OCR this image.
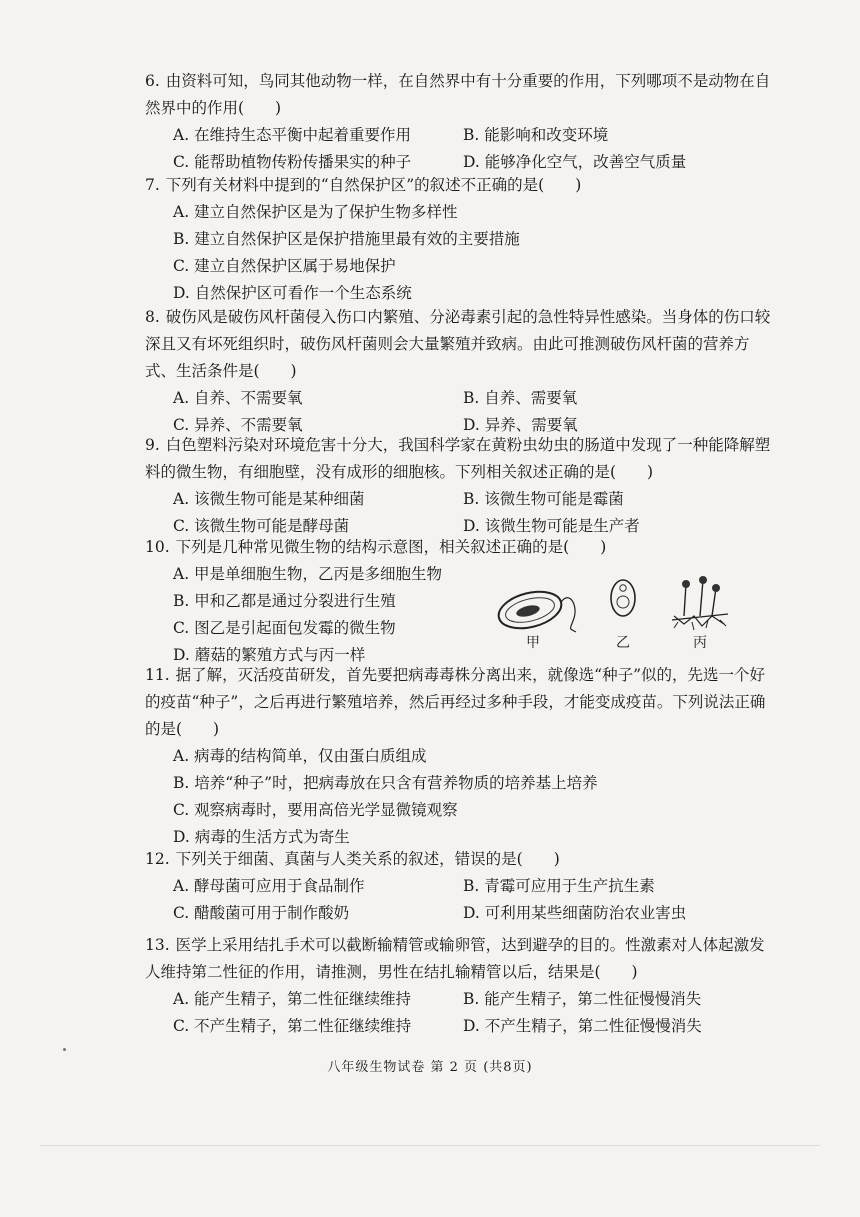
6. 由资料可知，鸟同其他动物一样，在自然界中有十分重要的作用，下列哪项不是动物在自然界中的作用(　　)
A. 在维持生态平衡中起着重要作用	B. 能影响和改变环境
C. 能帮助植物传粉传播果实的种子	D. 能够净化空气，改善空气质量
7. 下列有关材料中提到的“自然保护区”的叙述不正确的是(　　)
A. 建立自然保护区是为了保护生物多样性
B. 建立自然保护区是保护措施里最有效的主要措施
C. 建立自然保护区属于易地保护
D. 自然保护区可看作一个生态系统
8. 破伤风是破伤风杆菌侵入伤口内繁殖、分泌毒素引起的急性特异性感染。当身体的伤口较深且又有坏死组织时，破伤风杆菌则会大量繁殖并致病。由此可推测破伤风杆菌的营养方式、生活条件是(　　)
A. 自养、不需要氧	B. 自养、需要氧
C. 异养、不需要氧	D. 异养、需要氧
9. 白色塑料污染对环境危害十分大，我国科学家在黄粉虫幼虫的肠道中发现了一种能降解塑料的微生物，有细胞壁，没有成形的细胞核。下列相关叙述正确的是(　　)
A. 该微生物可能是某种细菌	B. 该微生物可能是霉菌
C. 该微生物可能是酵母菌	D. 该微生物可能是生产者
10. 下列是几种常见微生物的结构示意图，相关叙述正确的是(　　)
A. 甲是单细胞生物，乙丙是多细胞生物
B. 甲和乙都是通过分裂进行生殖
C. 图乙是引起面包发霉的微生物
D. 蘑菇的繁殖方式与丙一样
甲	乙	丙
11. 据了解，灭活疫苗研发，首先要把病毒毒株分离出来，就像选“种子”似的，先选一个好的疫苗“种子”，之后再进行繁殖培养，然后再经过多种手段，才能变成疫苗。下列说法正确的是(　　)
A. 病毒的结构简单，仅由蛋白质组成
B. 培养“种子”时，把病毒放在只含有营养物质的培养基上培养
C. 观察病毒时，要用高倍光学显微镜观察
D. 病毒的生活方式为寄生
12. 下列关于细菌、真菌与人类关系的叙述，错误的是(　　)
A. 酵母菌可应用于食品制作	B. 青霉可应用于生产抗生素
C. 醋酸菌可用于制作酸奶	D. 可利用某些细菌防治农业害虫
13. 医学上采用结扎手术可以截断输精管或输卵管，达到避孕的目的。性激素对人体起激发人维持第二性征的作用，请推测，男性在结扎输精管以后，结果是(　　)
A. 能产生精子，第二性征继续维持	B. 能产生精子，第二性征慢慢消失
C. 不产生精子，第二性征继续维持	D. 不产生精子，第二性征慢慢消失
八年级生物试卷 第 2 页 (共8页)
